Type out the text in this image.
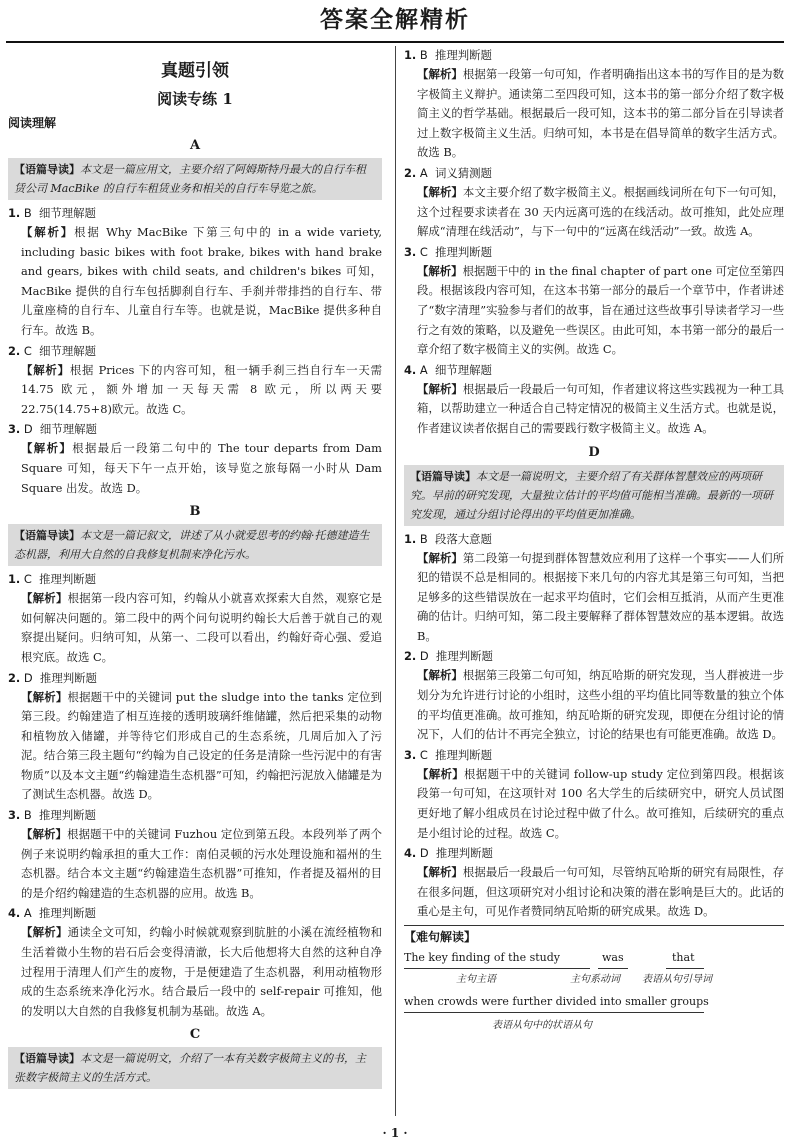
答案全解精析
真题引领
阅读专练 1
阅读理解
A
【语篇导读】本文是一篇应用文，主要介绍了阿姆斯特丹最大的自行车租赁公司 MacBike 的自行车租赁业务和相关的自行车导览之旅。
1. B 细节理解题
【解析】根据 Why MacBike 下第三句中的 in a wide variety, including basic bikes with foot brake, bikes with hand brake and gears, bikes with child seats, and children's bikes 可知，MacBike 提供的自行车包括脚刹自行车、手刹并带排挡的自行车、带儿童座椅的自行车、儿童自行车等。也就是说，MacBike 提供多种自行车。故选 B。
2. C 细节理解题
【解析】根据 Prices 下的内容可知，租一辆手刹三挡自行车一天需 14.75 欧元，额外增加一天每天需 8 欧元，所以两天要 22.75(14.75+8)欧元。故选 C。
3. D 细节理解题
【解析】根据最后一段第二句中的 The tour departs from Dam Square 可知，每天下午一点开始，该导览之旅每隔一小时从 Dam Square 出发。故选 D。
B
【语篇导读】本文是一篇记叙文，讲述了从小就爱思考的约翰·托德建造生态机器，利用大自然的自我修复机制来净化污水。
1. C 推理判断题
【解析】根据第一段内容可知，约翰从小就喜欢探索大自然，观察它是如何解决问题的。第二段中的两个问句说明约翰长大后善于就自己的观察提出疑问。归纳可知，从第一、二段可以看出，约翰好奇心强、爱追根究底。故选 C。
2. D 推理判断题
【解析】根据题干中的关键词 put the sludge into the tanks 定位到第三段。约翰建造了相互连接的透明玻璃纤维储罐，然后把采集的动物和植物放入储罐，并等待它们形成自己的生态系统，几周后加入了污泥。结合第三段主题句“约翰为自己设定的任务是清除一些污泥中的有害物质”以及本文主题“约翰建造生态机器”可知，约翰把污泥放入储罐是为了测试生态机器。故选 D。
3. B 推理判断题
【解析】根据题干中的关键词 Fuzhou 定位到第五段。本段列举了两个例子来说明约翰承担的重大工作：南伯灵顿的污水处理设施和福州的生态机器。结合本文主题“约翰建造生态机器”可推知，作者提及福州的目的是介绍约翰建造的生态机器的应用。故选 B。
4. A 推理判断题
【解析】通读全文可知，约翰小时候就观察到肮脏的小溪在流经植物和生活着微小生物的岩石后会变得清澈，长大后他想将大自然的这种自净过程用于清理人们产生的废物，于是便建造了生态机器，利用动植物形成的生态系统来净化污水。结合最后一段中的 self-repair 可推知，他的发明以大自然的自我修复机制为基础。故选 A。
C
【语篇导读】本文是一篇说明文，介绍了一本有关数字极简主义的书，主张数字极简主义的生活方式。
1. B 推理判断题
【解析】根据第一段第一句可知，作者明确指出这本书的写作目的是为数字极简主义辩护。通读第二至四段可知，这本书的第一部分介绍了数字极简主义的哲学基础。根据最后一段可知，这本书的第二部分旨在引导读者过上数字极简主义生活。归纳可知，本书是在倡导简单的数字生活方式。故选 B。
2. A 词义猜测题
【解析】本文主要介绍了数字极简主义。根据画线词所在句下一句可知，这个过程要求读者在 30 天内远离可选的在线活动。故可推知，此处应理解成“清理在线活动”，与下一句中的“远离在线活动”一致。故选 A。
3. C 推理判断题
【解析】根据题干中的 in the final chapter of part one 可定位至第四段。根据该段内容可知，在这本书第一部分的最后一个章节中，作者讲述了“数字清理”实验参与者们的故事，旨在通过这些故事引导读者学习一些行之有效的策略，以及避免一些误区。由此可知，本书第一部分的最后一章介绍了数字极简主义的实例。故选 C。
4. A 细节理解题
【解析】根据最后一段最后一句可知，作者建议将这些实践视为一种工具箱，以帮助建立一种适合自己特定情况的极简主义生活方式。也就是说，作者建议读者依据自己的需要践行数字极简主义。故选 A。
D
【语篇导读】本文是一篇说明文，主要介绍了有关群体智慧效应的两项研究。早前的研究发现，大量独立估计的平均值可能相当准确。最新的一项研究发现，通过分组讨论得出的平均值更加准确。
1. B 段落大意题
【解析】第二段第一句提到群体智慧效应利用了这样一个事实——人们所犯的错误不总是相同的。根据接下来几句的内容尤其是第三句可知，当把足够多的这些错误放在一起求平均值时，它们会相互抵消，从而产生更准确的估计。归纳可知，第二段主要解释了群体智慧效应的基本逻辑。故选 B。
2. D 推理判断题
【解析】根据第三段第二句可知，纳瓦哈斯的研究发现，当人群被进一步划分为允许进行讨论的小组时，这些小组的平均值比同等数量的独立个体的平均值更准确。故可推知，纳瓦哈斯的研究发现，即便在分组讨论的情况下，人们的估计不再完全独立，讨论的结果也有可能更准确。故选 D。
3. C 推理判断题
【解析】根据题干中的关键词 follow-up study 定位到第四段。根据该段第一句可知，在这项针对 100 名大学生的后续研究中，研究人员试图更好地了解小组成员在讨论过程中做了什么。故可推知，后续研究的重点是小组讨论的过程。故选 C。
4. D 推理判断题
【解析】根据最后一段最后一句可知，尽管纳瓦哈斯的研究有局限性，存在很多问题，但这项研究对小组讨论和决策的潜在影响是巨大的。此话的重心是主句，可见作者赞同纳瓦哈斯的研究成果。故选 D。
【难句解读】
The key finding of the study	was	that
主句主语	主句系动词 表语从句引导词
when crowds were further divided into smaller groups
表语从句中的状语从句
· 1 ·
